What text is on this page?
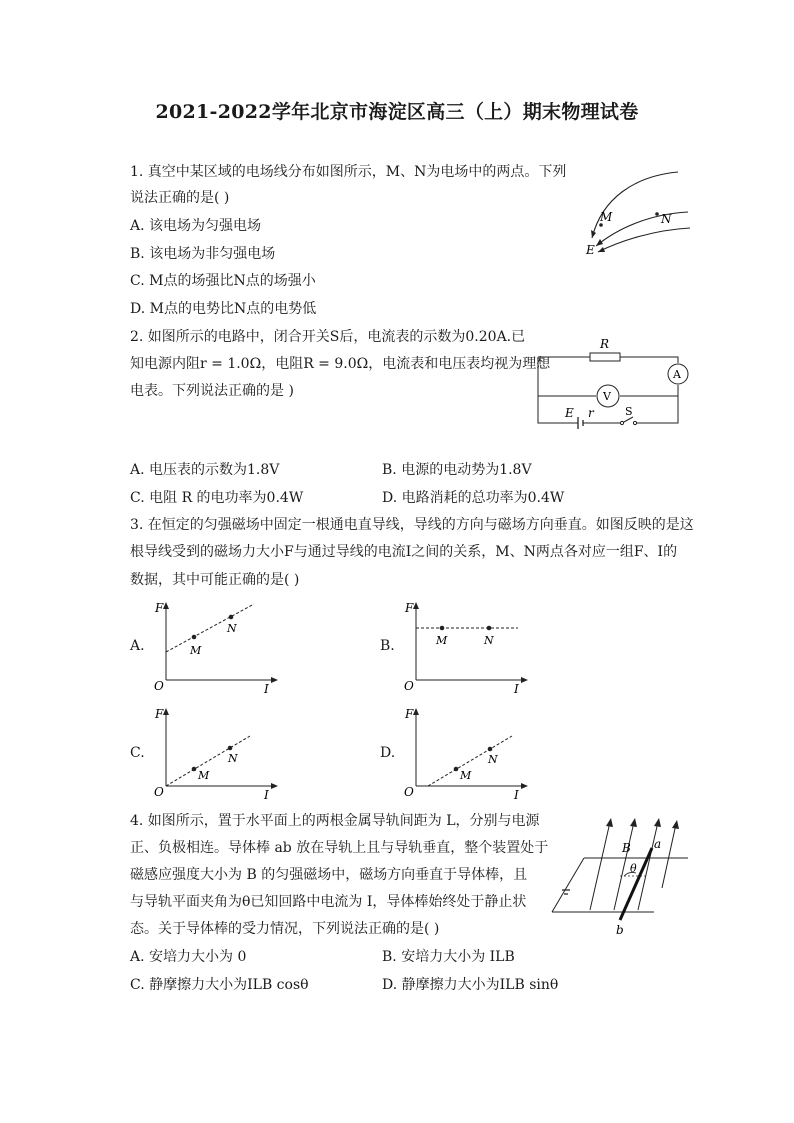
2021-2022学年北京市海淀区高三（上）期末物理试卷
1. 真空中某区域的电场线分布如图所示，M、N为电场中的两点。下列
说法正确的是( )
A. 该电场为匀强电场
B. 该电场为非匀强电场
C. M点的场强比N点的场强小
D. M点的电势比N点的电势低
M	N
E
2. 如图所示的电路中，闭合开关S后，电流表的示数为0.20A.已
知电源内阻r = 1.0Ω，电阻R = 9.0Ω，电流表和电压表均视为理想
电表。下列说法正确的是 )
R
A
V
E r	S
A. 电压表的示数为1.8V	B. 电源的电动势为1.8V
C. 电阻 R 的电功率为0.4W	D. 电路消耗的总功率为0.4W
3. 在恒定的匀强磁场中固定一根通电直导线，导线的方向与磁场方向垂直。如图反映的是这
根导线受到的磁场力大小F与通过导线的电流I之间的关系，M、N两点各对应一组F、I的
数据，其中可能正确的是( )
A.
F
I
O
M
N
B.
F
I
O
M	N
C.
F
I
O
M
N	D.
F
I
O
M
N
4. 如图所示，置于水平面上的两根金属导轨间距为 L，分别与电源
正、负极相连。导体棒 ab 放在导轨上且与导轨垂直，整个装置处于
磁感应强度大小为 B 的匀强磁场中，磁场方向垂直于导体棒，且
与导轨平面夹角为θ已知回路中电流为 I，导体棒始终处于静止状
态。关于导体棒的受力情况，下列说法正确的是( )
B a
b
θ
A. 安培力大小为 0	B. 安培力大小为 ILB
C. 静摩擦力大小为ILB cosθ	D. 静摩擦力大小为ILB sinθ
